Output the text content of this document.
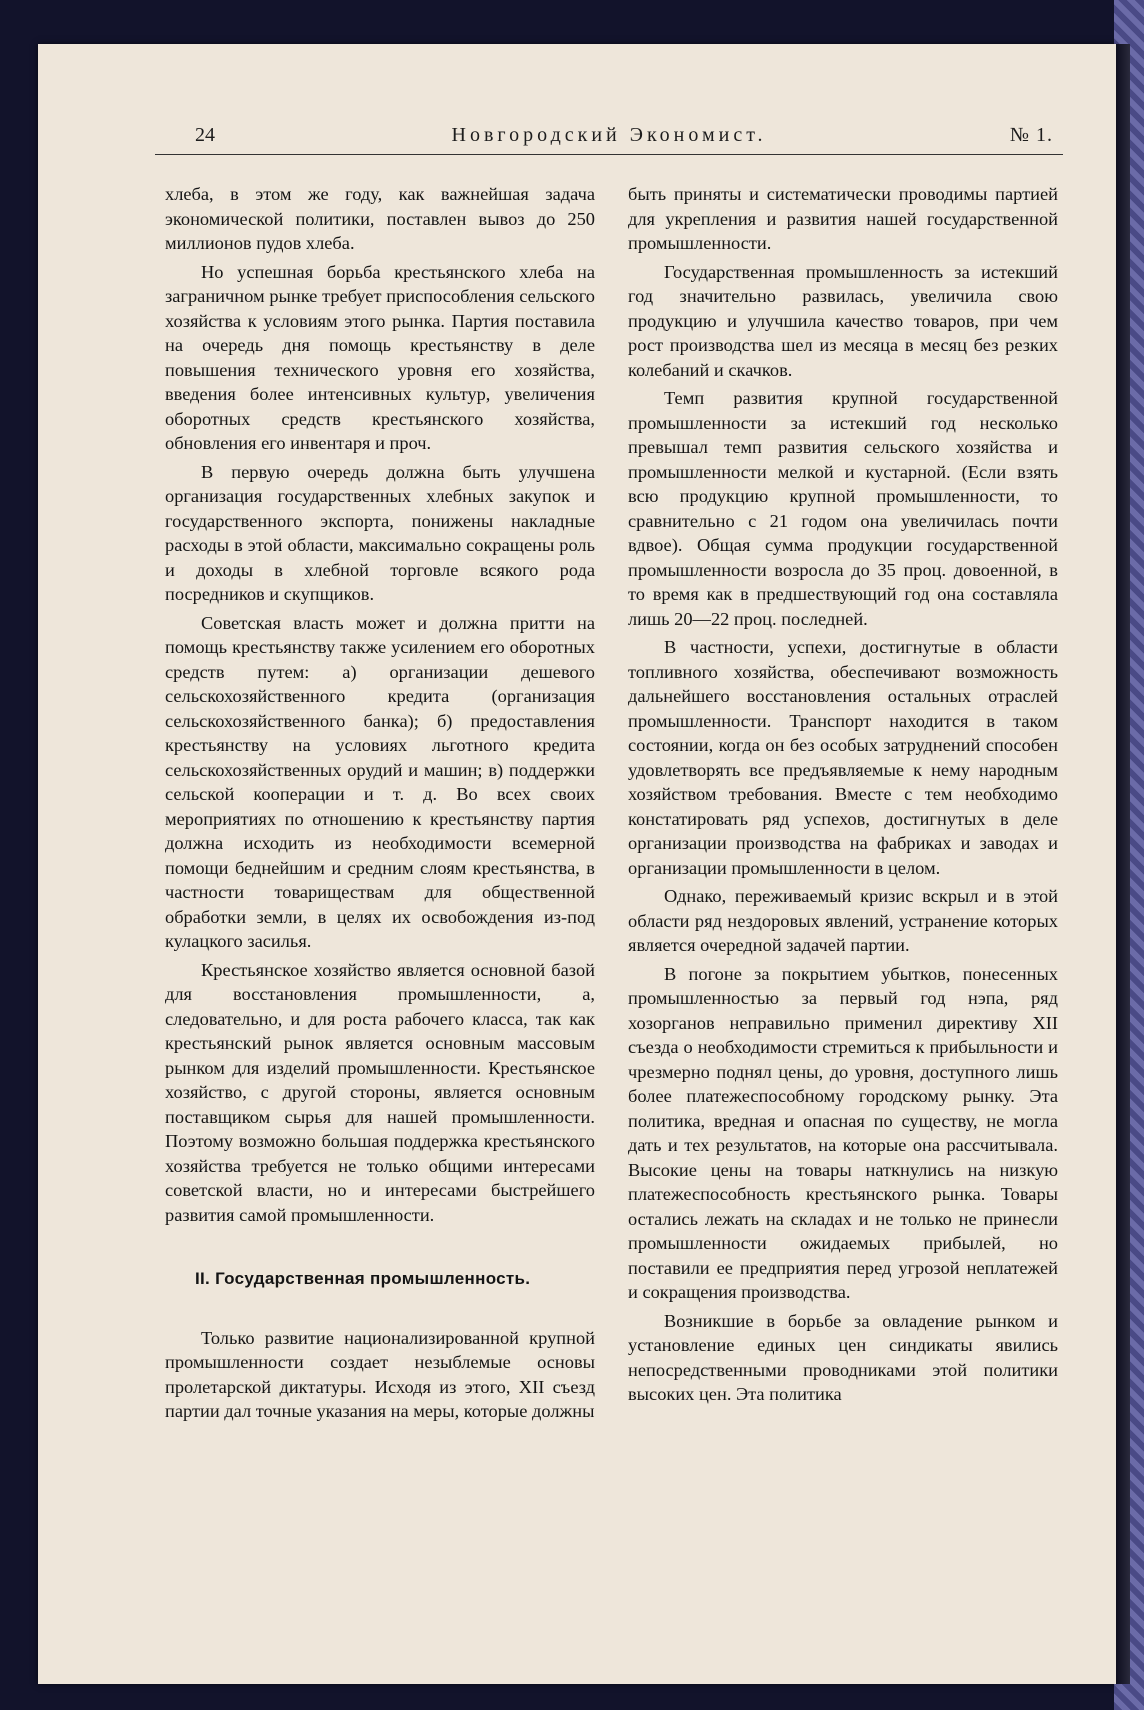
24	Новгородский Экономист.	№ 1.

хлеба, в этом же году, как важнейшая задача экономической политики, поставлен вывоз до 250 миллионов пудов хлеба.

Но успешная борьба крестьянского хлеба на заграничном рынке требует приспособления сельского хозяйства к условиям этого рынка. Партия поставила на очередь дня помощь крестьянству в деле повышения технического уровня его хозяйства, введения более интенсивных культур, увеличения оборотных средств крестьянского хозяйства, обновления его инвентаря и проч.

В первую очередь должна быть улучшена организация государственных хлебных закупок и государственного экспорта, понижены накладные расходы в этой области, максимально сокращены роль и доходы в хлебной торговле всякого рода посредников и скупщиков.

Советская власть может и должна притти на помощь крестьянству также усилением его оборотных средств путем: а) организации дешевого сельскохозяйственного кредита (организация сельскохозяйственного банка); б) предоставления крестьянству на условиях льготного кредита сельскохозяйственных орудий и машин; в) поддержки сельской кооперации и т. д. Во всех своих мероприятиях по отношению к крестьянству партия должна исходить из необходимости всемерной помощи беднейшим и средним слоям крестьянства, в частности товариществам для общественной обработки земли, в целях их освобождения из-под кулацкого засилья.

Крестьянское хозяйство является основной базой для восстановления промышленности, а, следовательно, и для роста рабочего класса, так как крестьянский рынок является основным массовым рынком для изделий промышленности. Крестьянское хозяйство, с другой стороны, является основным поставщиком сырья для нашей промышленности. Поэтому возможно большая поддержка крестьянского хозяйства требуется не только общими интересами советской власти, но и интересами быстрейшего развития самой промышленности.

II. Государственная промышленность.

Только развитие национализированной крупной промышленности создает незыблемые основы пролетарской диктатуры. Исходя из этого, XII съезд партии дал точные указания на меры, которые должны

быть приняты и систематически проводимы партией для укрепления и развития нашей государственной промышленности.

Государственная промышленность за истекший год значительно развилась, увеличила свою продукцию и улучшила качество товаров, при чем рост производства шел из месяца в месяц без резких колебаний и скачков.

Темп развития крупной государственной промышленности за истекший год несколько превышал темп развития сельского хозяйства и промышленности мелкой и кустарной. (Если взять всю продукцию крупной промышленности, то сравнительно с 21 годом она увеличилась почти вдвое). Общая сумма продукции государственной промышленности возросла до 35 проц. довоенной, в то время как в предшествующий год она составляла лишь 20—22 проц. последней.

В частности, успехи, достигнутые в области топливного хозяйства, обеспечивают возможность дальнейшего восстановления остальных отраслей промышленности. Транспорт находится в таком состоянии, когда он без особых затруднений способен удовлетворять все предъявляемые к нему народным хозяйством требования. Вместе с тем необходимо констатировать ряд успехов, достигнутых в деле организации производства на фабриках и заводах и организации промышленности в целом.

Однако, переживаемый кризис вскрыл и в этой области ряд нездоровых явлений, устранение которых является очередной задачей партии.

В погоне за покрытием убытков, понесенных промышленностью за первый год нэпа, ряд хозорганов неправильно применил директиву XII съезда о необходимости стремиться к прибыльности и чрезмерно поднял цены, до уровня, доступного лишь более платежеспособному городскому рынку. Эта политика, вредная и опасная по существу, не могла дать и тех результатов, на которые она рассчитывала. Высокие цены на товары наткнулись на низкую платежеспособность крестьянского рынка. Товары остались лежать на складах и не только не принесли промышленности ожидаемых прибылей, но поставили ее предприятия перед угрозой неплатежей и сокращения производства.

Возникшие в борьбе за овладение рынком и установление единых цен синдикаты явились непосредственными проводниками этой политики высоких цен. Эта политика
